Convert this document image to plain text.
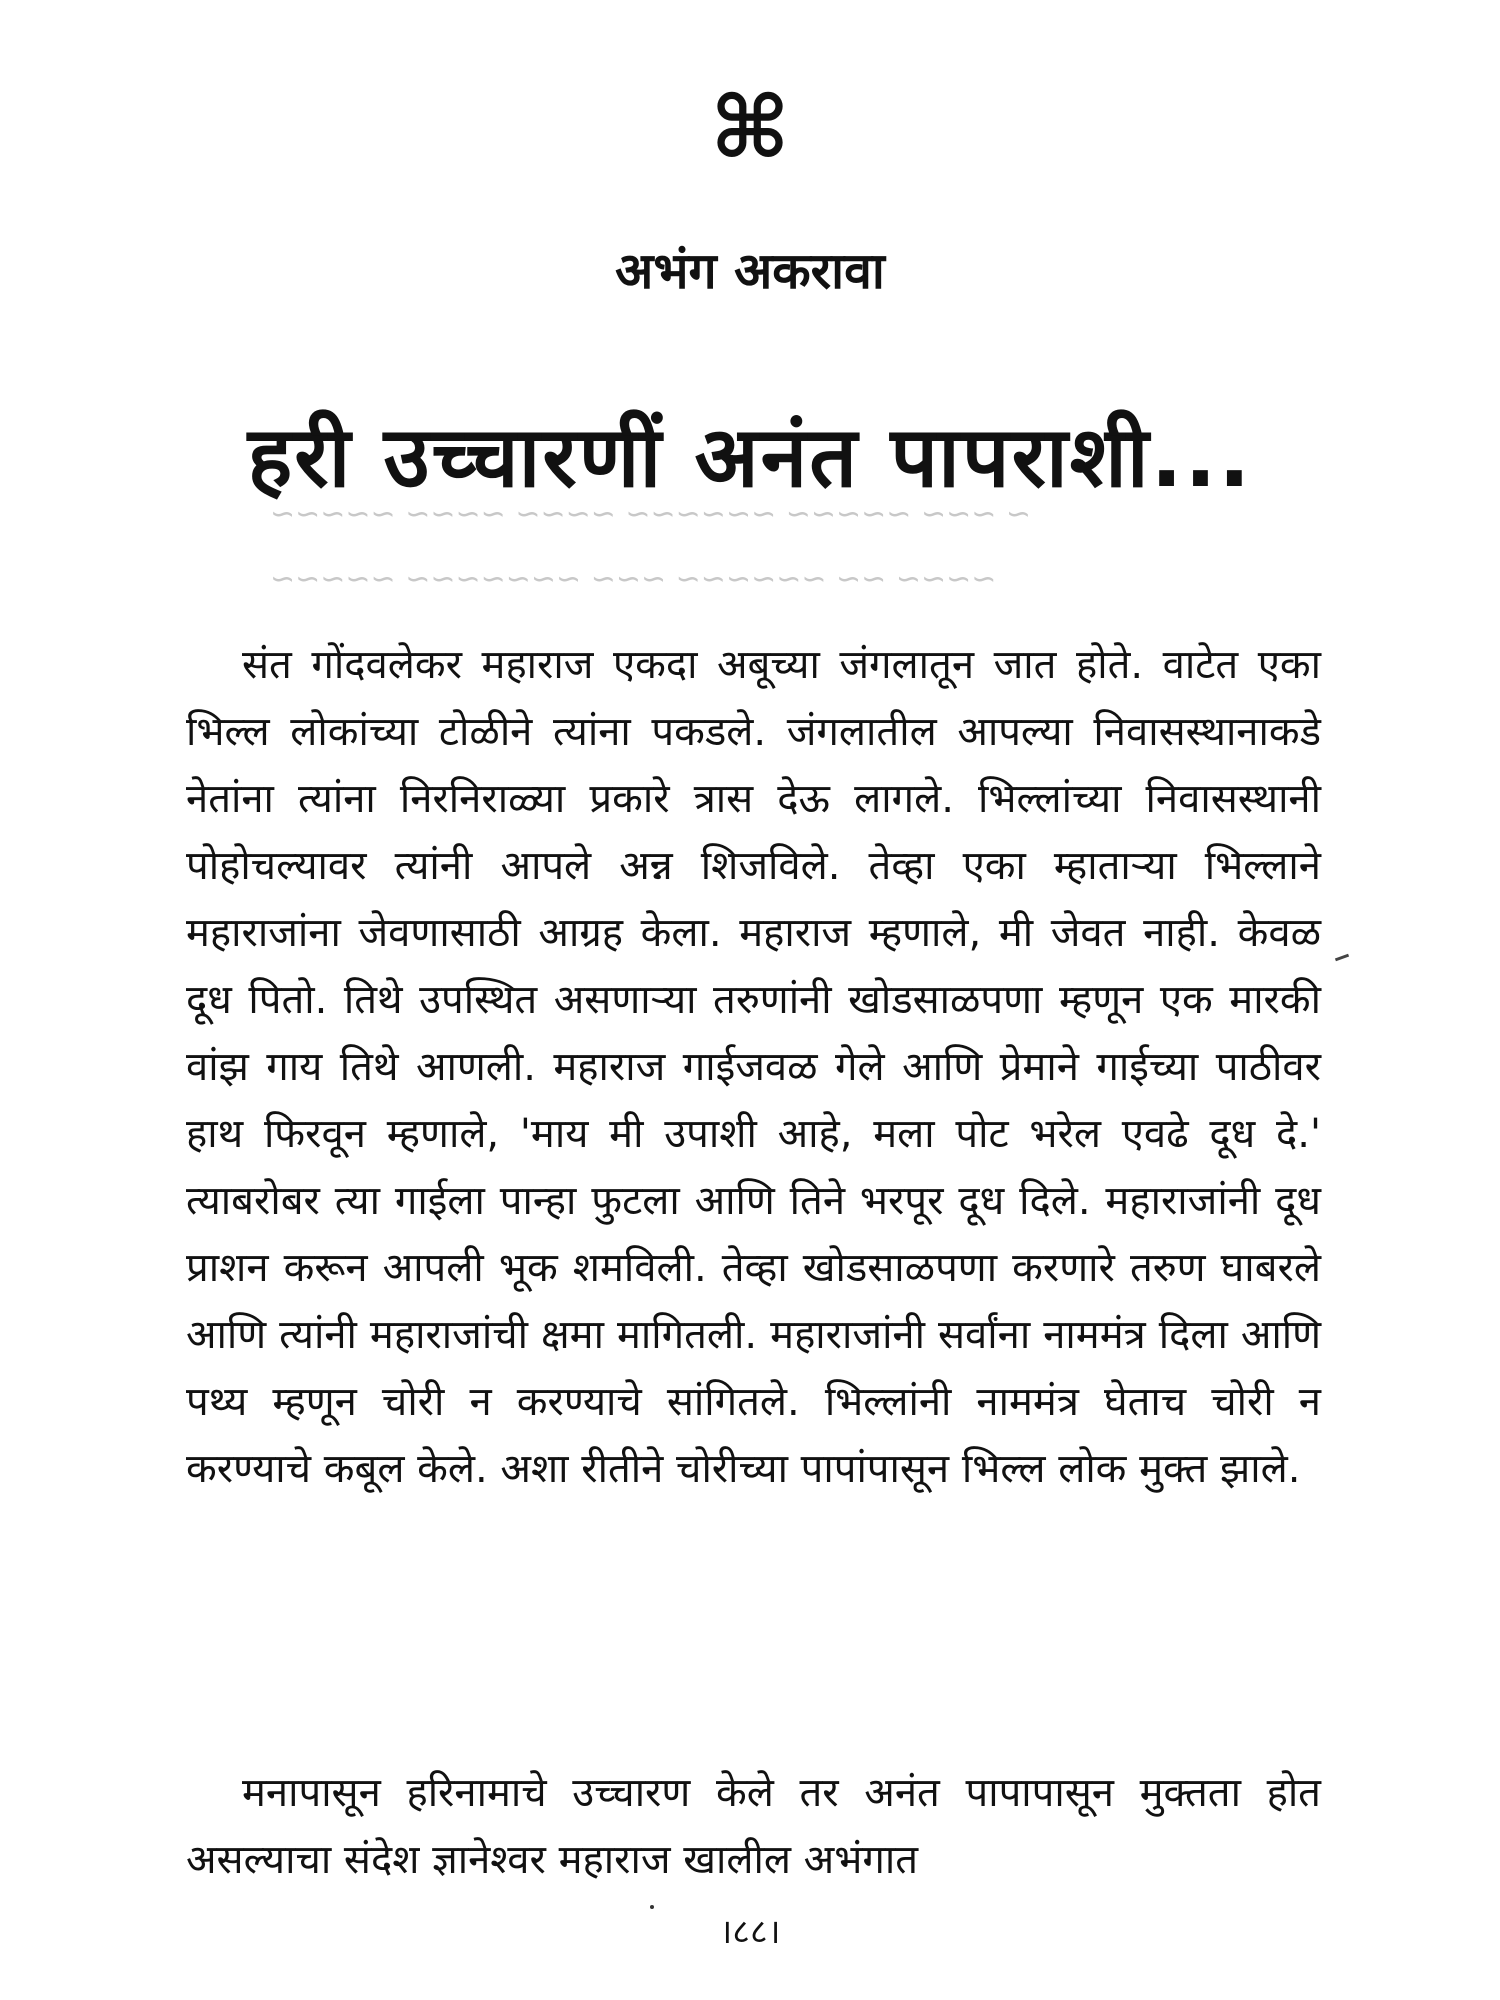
⌘
अभंग अकरावा
हरी उच्चारणीं अनंत पापराशी...
~ ~~~ ~~~~~ ~~~~~~ ~~~~ ~~~~ ~~~~~
~~~~ ~~ ~~~~~~ ~~~ ~~~~~~~ ~~~~~

संत गोंदवलेकर महाराज एकदा अबूच्या जंगलातून जात होते. वाटेत एका भिल्ल लोकांच्या टोळीने त्यांना पकडले. जंगलातील आपल्या निवासस्थानाकडे नेतांना त्यांना निरनिराळ्या प्रकारे त्रास देऊ लागले. भिल्लांच्या निवासस्थानी पोहोचल्यावर त्यांनी आपले अन्न शिजविले. तेव्हा एका म्हाताऱ्या भिल्लाने महाराजांना जेवणासाठी आग्रह केला. महाराज म्हणाले, मी जेवत नाही. केवळ दूध पितो. तिथे उपस्थित असणाऱ्या तरुणांनी खोडसाळपणा म्हणून एक मारकी वांझ गाय तिथे आणली. महाराज गाईजवळ गेले आणि प्रेमाने गाईच्या पाठीवर हाथ फिरवून म्हणाले, 'माय मी उपाशी आहे, मला पोट भरेल एवढे दूध दे.' त्याबरोबर त्या गाईला पान्हा फुटला आणि तिने भरपूर दूध दिले. महाराजांनी दूध प्राशन करून आपली भूक शमविली. तेव्हा खोडसाळपणा करणारे तरुण घाबरले आणि त्यांनी महाराजांची क्षमा मागितली. महाराजांनी सर्वांना नाममंत्र दिला आणि पथ्य म्हणून चोरी न करण्याचे सांगितले. भिल्लांनी नाममंत्र घेताच चोरी न करण्याचे कबूल केले. अशा रीतीने चोरीच्या पापांपासून भिल्ल लोक मुक्त झाले.

मनापासून हरिनामाचे उच्चारण केले तर अनंत पापापासून मुक्तता होत असल्याचा संदेश ज्ञानेश्वर महाराज खालील अभंगात

।८८।
